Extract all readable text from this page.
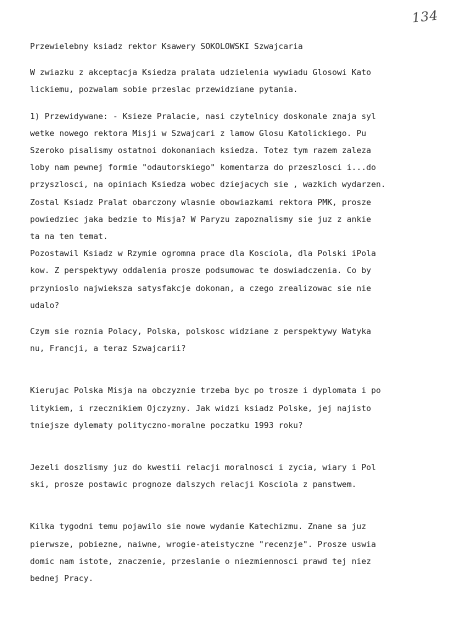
134

Przewielebny ksiadz rektor Ksawery SOKOLOWSKI Szwajcaria

W zwiazku z akceptacja Ksiedza pralata udzielenia wywiadu Glosowi Kato
lickiemu, pozwalam sobie przeslac przewidziane pytania.
1) Przewidywane: - Ksieze Pralacie, nasi czytelnicy doskonale znaja syl
wetke nowego rektora Misji w Szwajcari z lamow Glosu Katolickiego. Pu
Szeroko pisalismy ostatnoi dokonaniach ksiedza. Totez tym razem zaleza
loby nam pewnej formie "odautorskiego" komentarza do przeszlosci i...do
przyszlosci, na opiniach Ksiedza wobec dziejacych sie , wazkich wydarzen.
Zostal Ksiadz Pralat obarczony wlasnie obowiazkami rektora PMK, prosze
powiedziec jaka bedzie to Misja? W Paryzu zapoznalismy sie juz z ankie
ta na ten temat.
Pozostawil Ksiadz w Rzymie ogromna prace dla Kosciola, dla Polski iPola
kow. Z perspektywy oddalenia prosze podsumowac te doswiadczenia. Co by
przynioslo najwieksza satysfakcje dokonan, a czego zrealizowac sie nie
udalo?
Czym sie roznia Polacy, Polska, polskosc widziane z perspektywy Watyka
nu, Francji, a teraz Szwajcarii?
Kierujac Polska Misja na obczyznie trzeba byc po trosze i dyplomata i po
litykiem, i rzecznikiem Ojczyzny. Jak widzi ksiadz Polske, jej najisto
tniejsze dylematy polityczno-moralne poczatku 1993 roku?
Jezeli doszlismy juz do kwestii relacji moralnosci i zycia, wiary i Pol
ski, prosze postawic prognoze dalszych relacji Kosciola z panstwem.
Kilka tygodni temu pojawilo sie nowe wydanie Katechizmu. Znane sa juz
pierwsze, pobiezne, naiwne, wrogie-ateistyczne "recenzje". Prosze uswia
domic nam istote, znaczenie, przeslanie o niezmiennosci prawd tej niez
bednej Pracy.
